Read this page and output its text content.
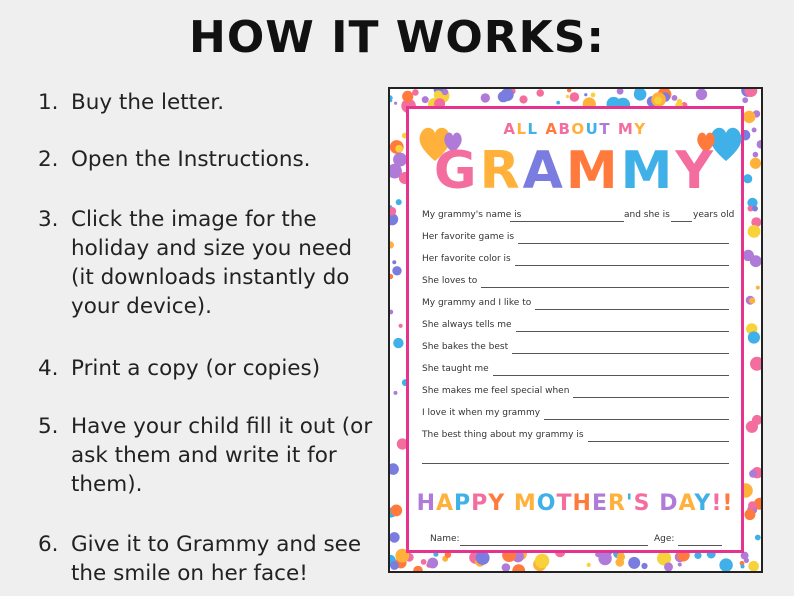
HOW IT WORKS:
1. Buy the letter.
2. Open the Instructions.
3. Click the image for the holiday and size you need (it downloads instantly do your device).
4. Print a copy (or copies)
5. Have your child fill it out (or ask them and write it for them).
6. Give it to Grammy and see the smile on her face!
ALL ABOUT MY
GRAMMY
My grammy's name is	and she is	years old
Her favorite game is
Her favorite color is
She loves to
My grammy and I like to
She always tells me
She bakes the best
She taught me
She makes me feel special when
I love it when my grammy
The best thing about my grammy is
HAPPY MOTHER'S DAY!!
Name:	Age:
